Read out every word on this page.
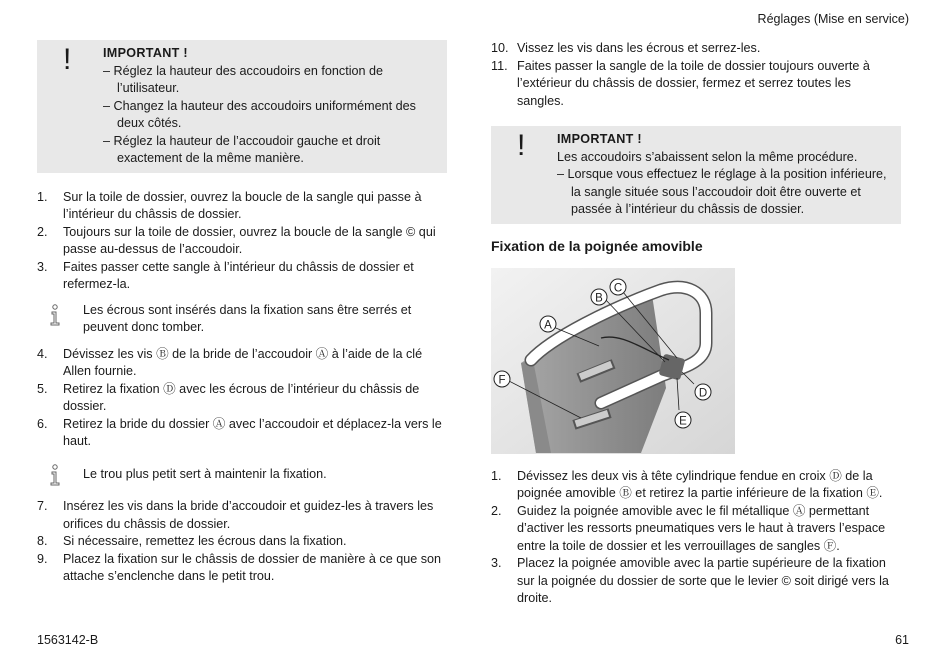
Réglages (Mise en service)
!	IMPORTANT !
– Réglez la hauteur des accoudoirs en fonction de l’utilisateur.
– Changez la hauteur des accoudoirs uniformément des deux côtés.
– Réglez la hauteur de l’accoudoir gauche et droit exactement de la même manière.
1.	Sur la toile de dossier, ouvrez la boucle de la sangle qui passe à l’intérieur du châssis de dossier.
2.	Toujours sur la toile de dossier, ouvrez la boucle de la sangle © qui passe au-dessus de l’accoudoir.
3.	Faites passer cette sangle à l’intérieur du châssis de dossier et refermez-la.
Les écrous sont insérés dans la fixation sans être serrés et peuvent donc tomber.
4.	Dévissez les vis Ⓑ de la bride de l’accoudoir Ⓐ à l’aide de la clé Allen fournie.
5.	Retirez la fixation Ⓓ avec les écrous de l’intérieur du châssis de dossier.
6.	Retirez la bride du dossier Ⓐ avec l’accoudoir et déplacez-la vers le haut.
Le trou plus petit sert à maintenir la fixation.
7.	Insérez les vis dans la bride d’accoudoir et guidez-les à travers les orifices du châssis de dossier.
8.	Si nécessaire, remettez les écrous dans la fixation.
9.	Placez la fixation sur le châssis de dossier de manière à ce que son attache s’enclenche dans le petit trou.
10. Vissez les vis dans les écrous et serrez-les.
11. Faites passer la sangle de la toile de dossier toujours ouverte à l’extérieur du châssis de dossier, fermez et serrez toutes les sangles.
!	IMPORTANT !
Les accoudoirs s’abaissent selon la même procédure.
– Lorsque vous effectuez le réglage à la position inférieure, la sangle située sous l’accoudoir doit être ouverte et passée à l’intérieur du châssis de dossier.
Fixation de la poignée amovible
A
B
C
D
E
F
1.	Dévissez les deux vis à tête cylindrique fendue en croix Ⓓ de la poignée amovible Ⓑ et retirez la partie inférieure de la fixation Ⓔ.
2.	Guidez la poignée amovible avec le fil métallique Ⓐ permettant d’activer les ressorts pneumatiques vers le haut à travers l’espace entre la toile de dossier et les verrouillages de sangles Ⓕ.
3.	Placez la poignée amovible avec la partie supérieure de la fixation sur la poignée du dossier de sorte que le levier © soit dirigé vers la droite.
1563142-B	61
